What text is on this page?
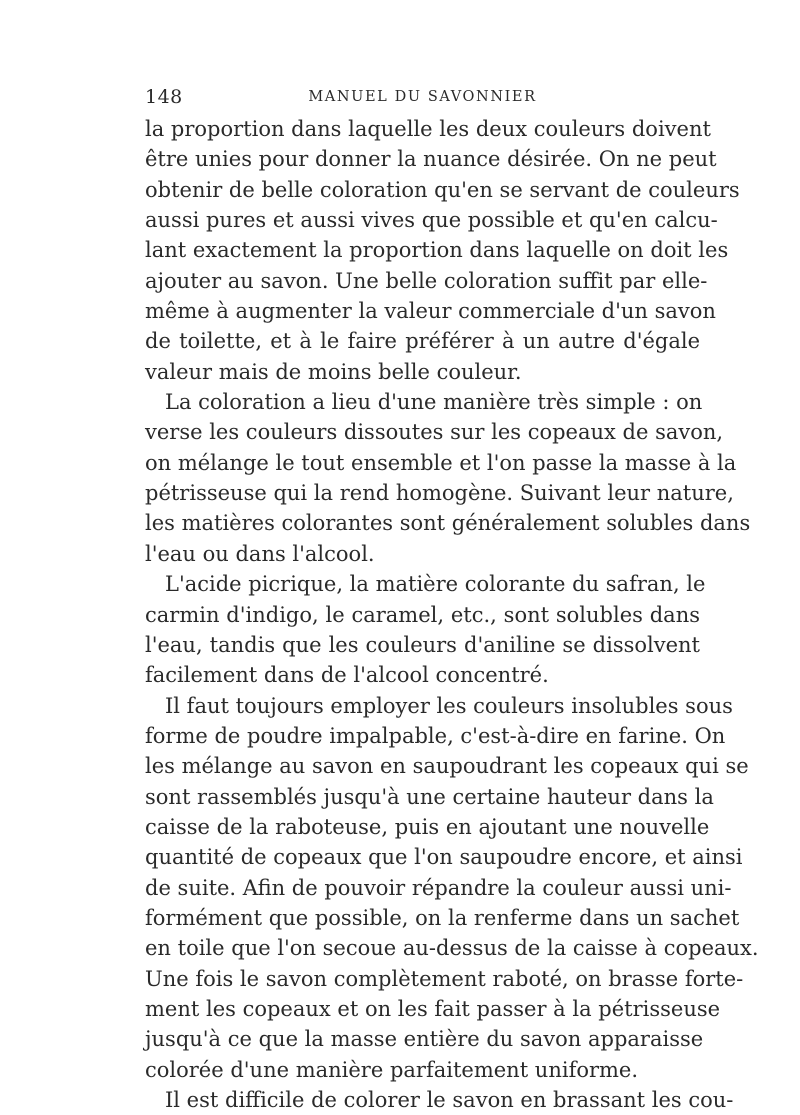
148	MANUEL DU SAVONNIER
la proportion dans laquelle les deux couleurs doivent
être unies pour donner la nuance désirée. On ne peut
obtenir de belle coloration qu'en se servant de couleurs
aussi pures et aussi vives que possible et qu'en calcu-
lant exactement la proportion dans laquelle on doit les
ajouter au savon. Une belle coloration suffit par elle-
même à augmenter la valeur commerciale d'un savon
de toilette, et à le faire préférer à un autre d'égale
valeur mais de moins belle couleur.
La coloration a lieu d'une manière très simple : on
verse les couleurs dissoutes sur les copeaux de savon,
on mélange le tout ensemble et l'on passe la masse à la
pétrisseuse qui la rend homogène. Suivant leur nature,
les matières colorantes sont généralement solubles dans
l'eau ou dans l'alcool.
L'acide picrique, la matière colorante du safran, le
carmin d'indigo, le caramel, etc., sont solubles dans
l'eau, tandis que les couleurs d'aniline se dissolvent
facilement dans de l'alcool concentré.
Il faut toujours employer les couleurs insolubles sous
forme de poudre impalpable, c'est-à-dire en farine. On
les mélange au savon en saupoudrant les copeaux qui se
sont rassemblés jusqu'à une certaine hauteur dans la
caisse de la raboteuse, puis en ajoutant une nouvelle
quantité de copeaux que l'on saupoudre encore, et ainsi
de suite. Afin de pouvoir répandre la couleur aussi uni-
formément que possible, on la renferme dans un sachet
en toile que l'on secoue au-dessus de la caisse à copeaux.
Une fois le savon complètement raboté, on brasse forte-
ment les copeaux et on les fait passer à la pétrisseuse
jusqu'à ce que la masse entière du savon apparaisse
colorée d'une manière parfaitement uniforme.
Il est difficile de colorer le savon en brassant les cou-
